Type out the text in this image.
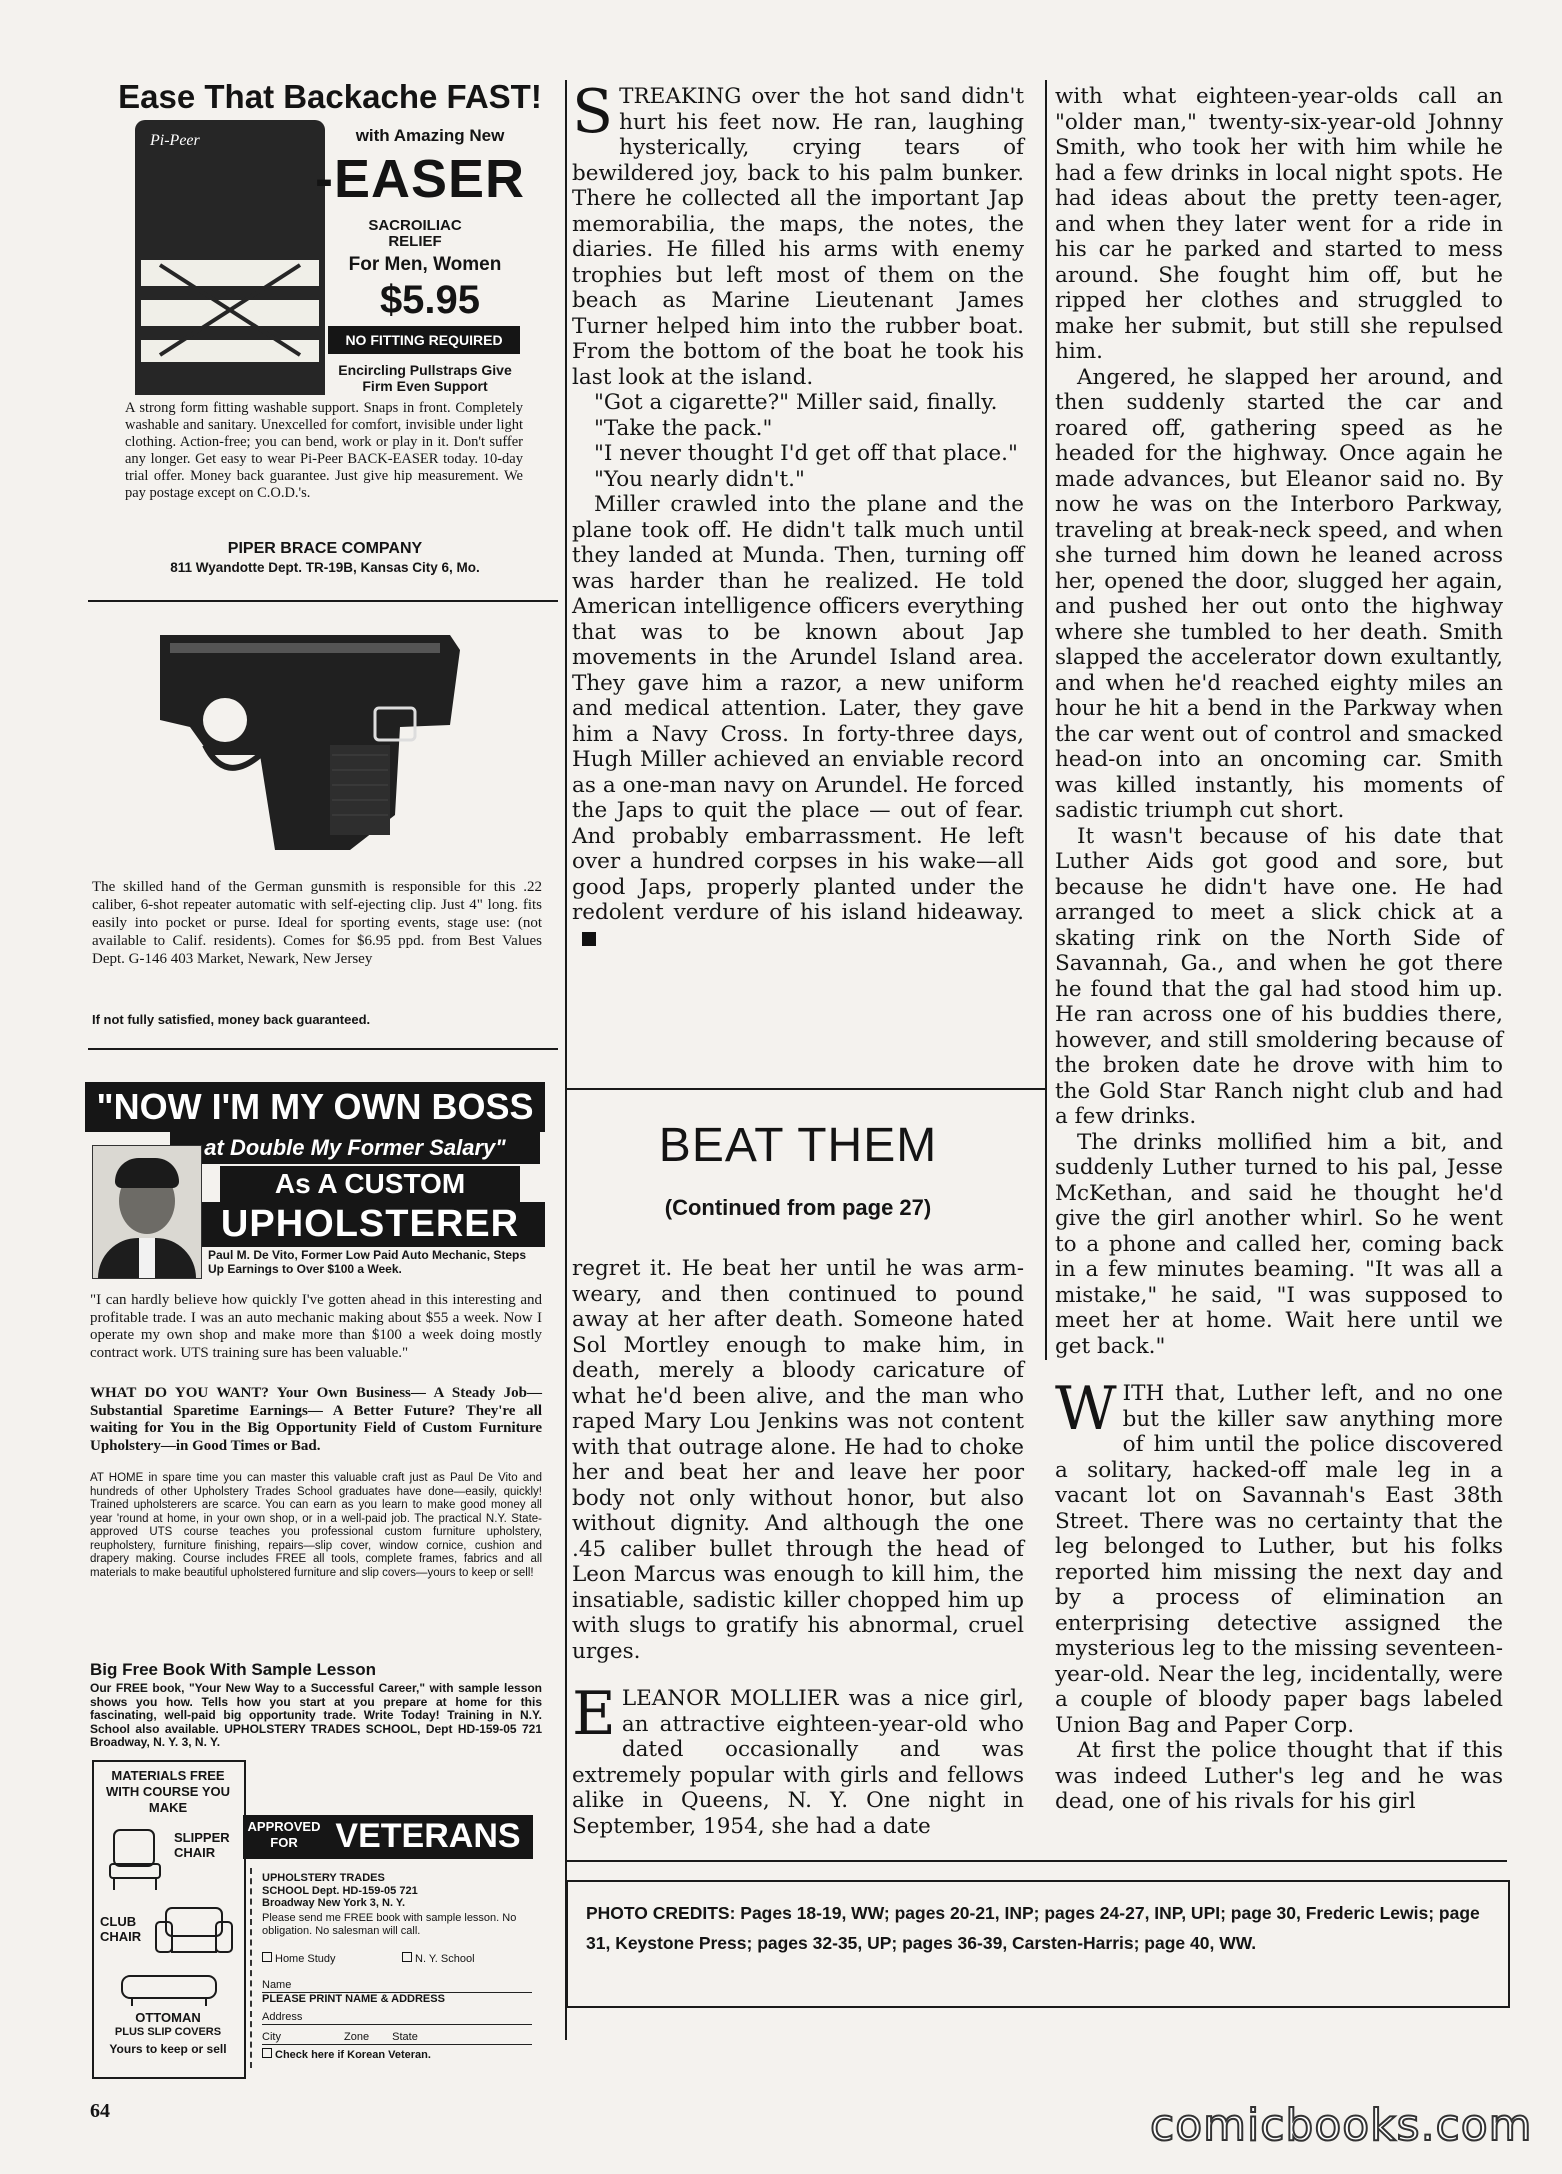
Ease That Backache FAST!
Pi-Peer	with Amazing New
-EASER
SACROILIAC RELIEF
For Men, Women
$5.95
NO FITTING REQUIRED
Encircling Pullstraps Give Firm Even Support
A strong form fitting washable support. Snaps in front. Completely washable and sanitary. Unexcelled for comfort, invisible under light clothing. Action-free; you can bend, work or play in it. Don't suffer any longer. Get easy to wear Pi-Peer BACK-EASER today. 10-day trial offer. Money back guarantee. Just give hip measurement. We pay postage except on C.O.D.'s.
PIPER BRACE COMPANY
811 Wyandotte Dept. TR-19B, Kansas City 6, Mo.
The skilled hand of the German gunsmith is responsible for this .22 caliber, 6-shot repeater automatic with self-ejecting clip. Just 4" long. fits easily into pocket or purse. Ideal for sporting events, stage use: (not available to Calif. residents). Comes for $6.95 ppd. from Best Values Dept. G-146 403 Market, Newark, New Jersey
If not fully satisfied, money back guaranteed.
"NOW I'M MY OWN BOSS
at Double My Former Salary"
As A CUSTOM
UPHOLSTERER
Paul M. De Vito, Former Low Paid Auto Mechanic, Steps Up Earnings to Over $100 a Week.
"I can hardly believe how quickly I've gotten ahead in this interesting and profitable trade. I was an auto mechanic making about $55 a week. Now I operate my own shop and make more than $100 a week doing mostly contract work. UTS training sure has been valuable."
WHAT DO YOU WANT? Your Own Business— A Steady Job—Substantial Sparetime Earnings— A Better Future? They're all waiting for You in the Big Opportunity Field of Custom Furniture Upholstery—in Good Times or Bad.
AT HOME in spare time you can master this valuable craft just as Paul De Vito and hundreds of other Upholstery Trades School graduates have done—easily, quickly! Trained upholsterers are scarce. You can earn as you learn to make good money all year 'round at home, in your own shop, or in a well-paid job. The practical N.Y. State-approved UTS course teaches you professional custom furniture upholstery, reupholstery, furniture finishing, repairs—slip cover, window cornice, cushion and drapery making. Course includes FREE all tools, complete frames, fabrics and all materials to make beautiful upholstered furniture and slip covers—yours to keep or sell!
Big Free Book With Sample Lesson
Our FREE book, "Your New Way to a Successful Career," with sample lesson shows you how. Tells how you start at you prepare at home for this fascinating, well-paid big opportunity trade. Write Today! Training in N.Y. School also available. UPHOLSTERY TRADES SCHOOL, Dept HD-159-05 721 Broadway, N. Y. 3, N. Y.
MATERIALS FREE WITH COURSE YOU MAKE
SLIPPER CHAIR
CLUB CHAIR
OTTOMAN
PLUS SLIP COVERS
Yours to keep or sell
APPROVED FOR	VETERANS
UPHOLSTERY TRADES SCHOOL Dept. HD-159-05 721 Broadway New York 3, N. Y.
Please send me FREE book with sample lesson. No obligation. No salesman will call.
Home Study	N. Y. School
Name
PLEASE PRINT NAME & ADDRESS
Address
City	Zone State
Check here if Korean Veteran.

STREAKING over the hot sand didn't hurt his feet now. He ran, laughing hysterically, crying tears of bewildered joy, back to his palm bunker. There he collected all the important Jap memorabilia, the maps, the notes, the diaries. He filled his arms with enemy trophies but left most of them on the beach as Marine Lieutenant James Turner helped him into the rubber boat. From the bottom of the boat he took his last look at the island.

"Got a cigarette?" Miller said, finally.

"Take the pack."

"I never thought I'd get off that place."

"You nearly didn't."

Miller crawled into the plane and the plane took off. He didn't talk much until they landed at Munda. Then, turning off was harder than he realized. He told American intelligence officers everything that was to be known about Jap movements in the Arundel Island area. They gave him a razor, a new uniform and medical attention. Later, they gave him a Navy Cross. In forty-three days, Hugh Miller achieved an enviable record as a one-man navy on Arundel. He forced the Japs to quit the place — out of fear. And probably embarrassment. He left over a hundred corpses in his wake—all good Japs, properly planted under the redolent verdure of his island hideaway.

BEAT THEM
(Continued from page 27)

regret it. He beat her until he was arm-weary, and then continued to pound away at her after death. Someone hated Sol Mortley enough to make him, in death, merely a bloody caricature of what he'd been alive, and the man who raped Mary Lou Jenkins was not content with that outrage alone. He had to choke her and beat her and leave her poor body not only without honor, but also without dignity. And although the one .45 caliber bullet through the head of Leon Marcus was enough to kill him, the insatiable, sadistic killer chopped him up with slugs to gratify his abnormal, cruel urges.

ELEANOR MOLLIER was a nice girl, an attractive eighteen-year-old who dated occasionally and was extremely popular with girls and fellows alike in Queens, N. Y. One night in September, 1954, she had a date

with what eighteen-year-olds call an "older man," twenty-six-year-old Johnny Smith, who took her with him while he had a few drinks in local night spots. He had ideas about the pretty teen-ager, and when they later went for a ride in his car he parked and started to mess around. She fought him off, but he ripped her clothes and struggled to make her submit, but still she repulsed him.

Angered, he slapped her around, and then suddenly started the car and roared off, gathering speed as he headed for the highway. Once again he made advances, but Eleanor said no. By now he was on the Interboro Parkway, traveling at break-neck speed, and when she turned him down he leaned across her, opened the door, slugged her again, and pushed her out onto the highway where she tumbled to her death. Smith slapped the accelerator down exultantly, and when he'd reached eighty miles an hour he hit a bend in the Parkway when the car went out of control and smacked head-on into an oncoming car. Smith was killed instantly, his moments of sadistic triumph cut short.

It wasn't because of his date that Luther Aids got good and sore, but because he didn't have one. He had arranged to meet a slick chick at a skating rink on the North Side of Savannah, Ga., and when he got there he found that the gal had stood him up. He ran across one of his buddies there, however, and still smoldering because of the broken date he drove with him to the Gold Star Ranch night club and had a few drinks.

The drinks mollified him a bit, and suddenly Luther turned to his pal, Jesse McKethan, and said he thought he'd give the girl another whirl. So he went to a phone and called her, coming back in a few minutes beaming. "It was all a mistake," he said, "I was supposed to meet her at home. Wait here until we get back."

WITH that, Luther left, and no one but the killer saw anything more of him until the police discovered a solitary, hacked-off male leg in a vacant lot on Savannah's East 38th Street. There was no certainty that the leg belonged to Luther, but his folks reported him missing the next day and by a process of elimination an enterprising detective assigned the mysterious leg to the missing seventeen-year-old. Near the leg, incidentally, were a couple of bloody paper bags labeled Union Bag and Paper Corp.

At first the police thought that if this was indeed Luther's leg and he was dead, one of his rivals for his girl

PHOTO CREDITS: Pages 18-19, WW; pages 20-21, INP; pages 24-27, INP, UPI; page 30, Frederic Lewis; page 31, Keystone Press; pages 32-35, UP; pages 36-39, Carsten-Harris; page 40, WW.
64	comicbooks.com
